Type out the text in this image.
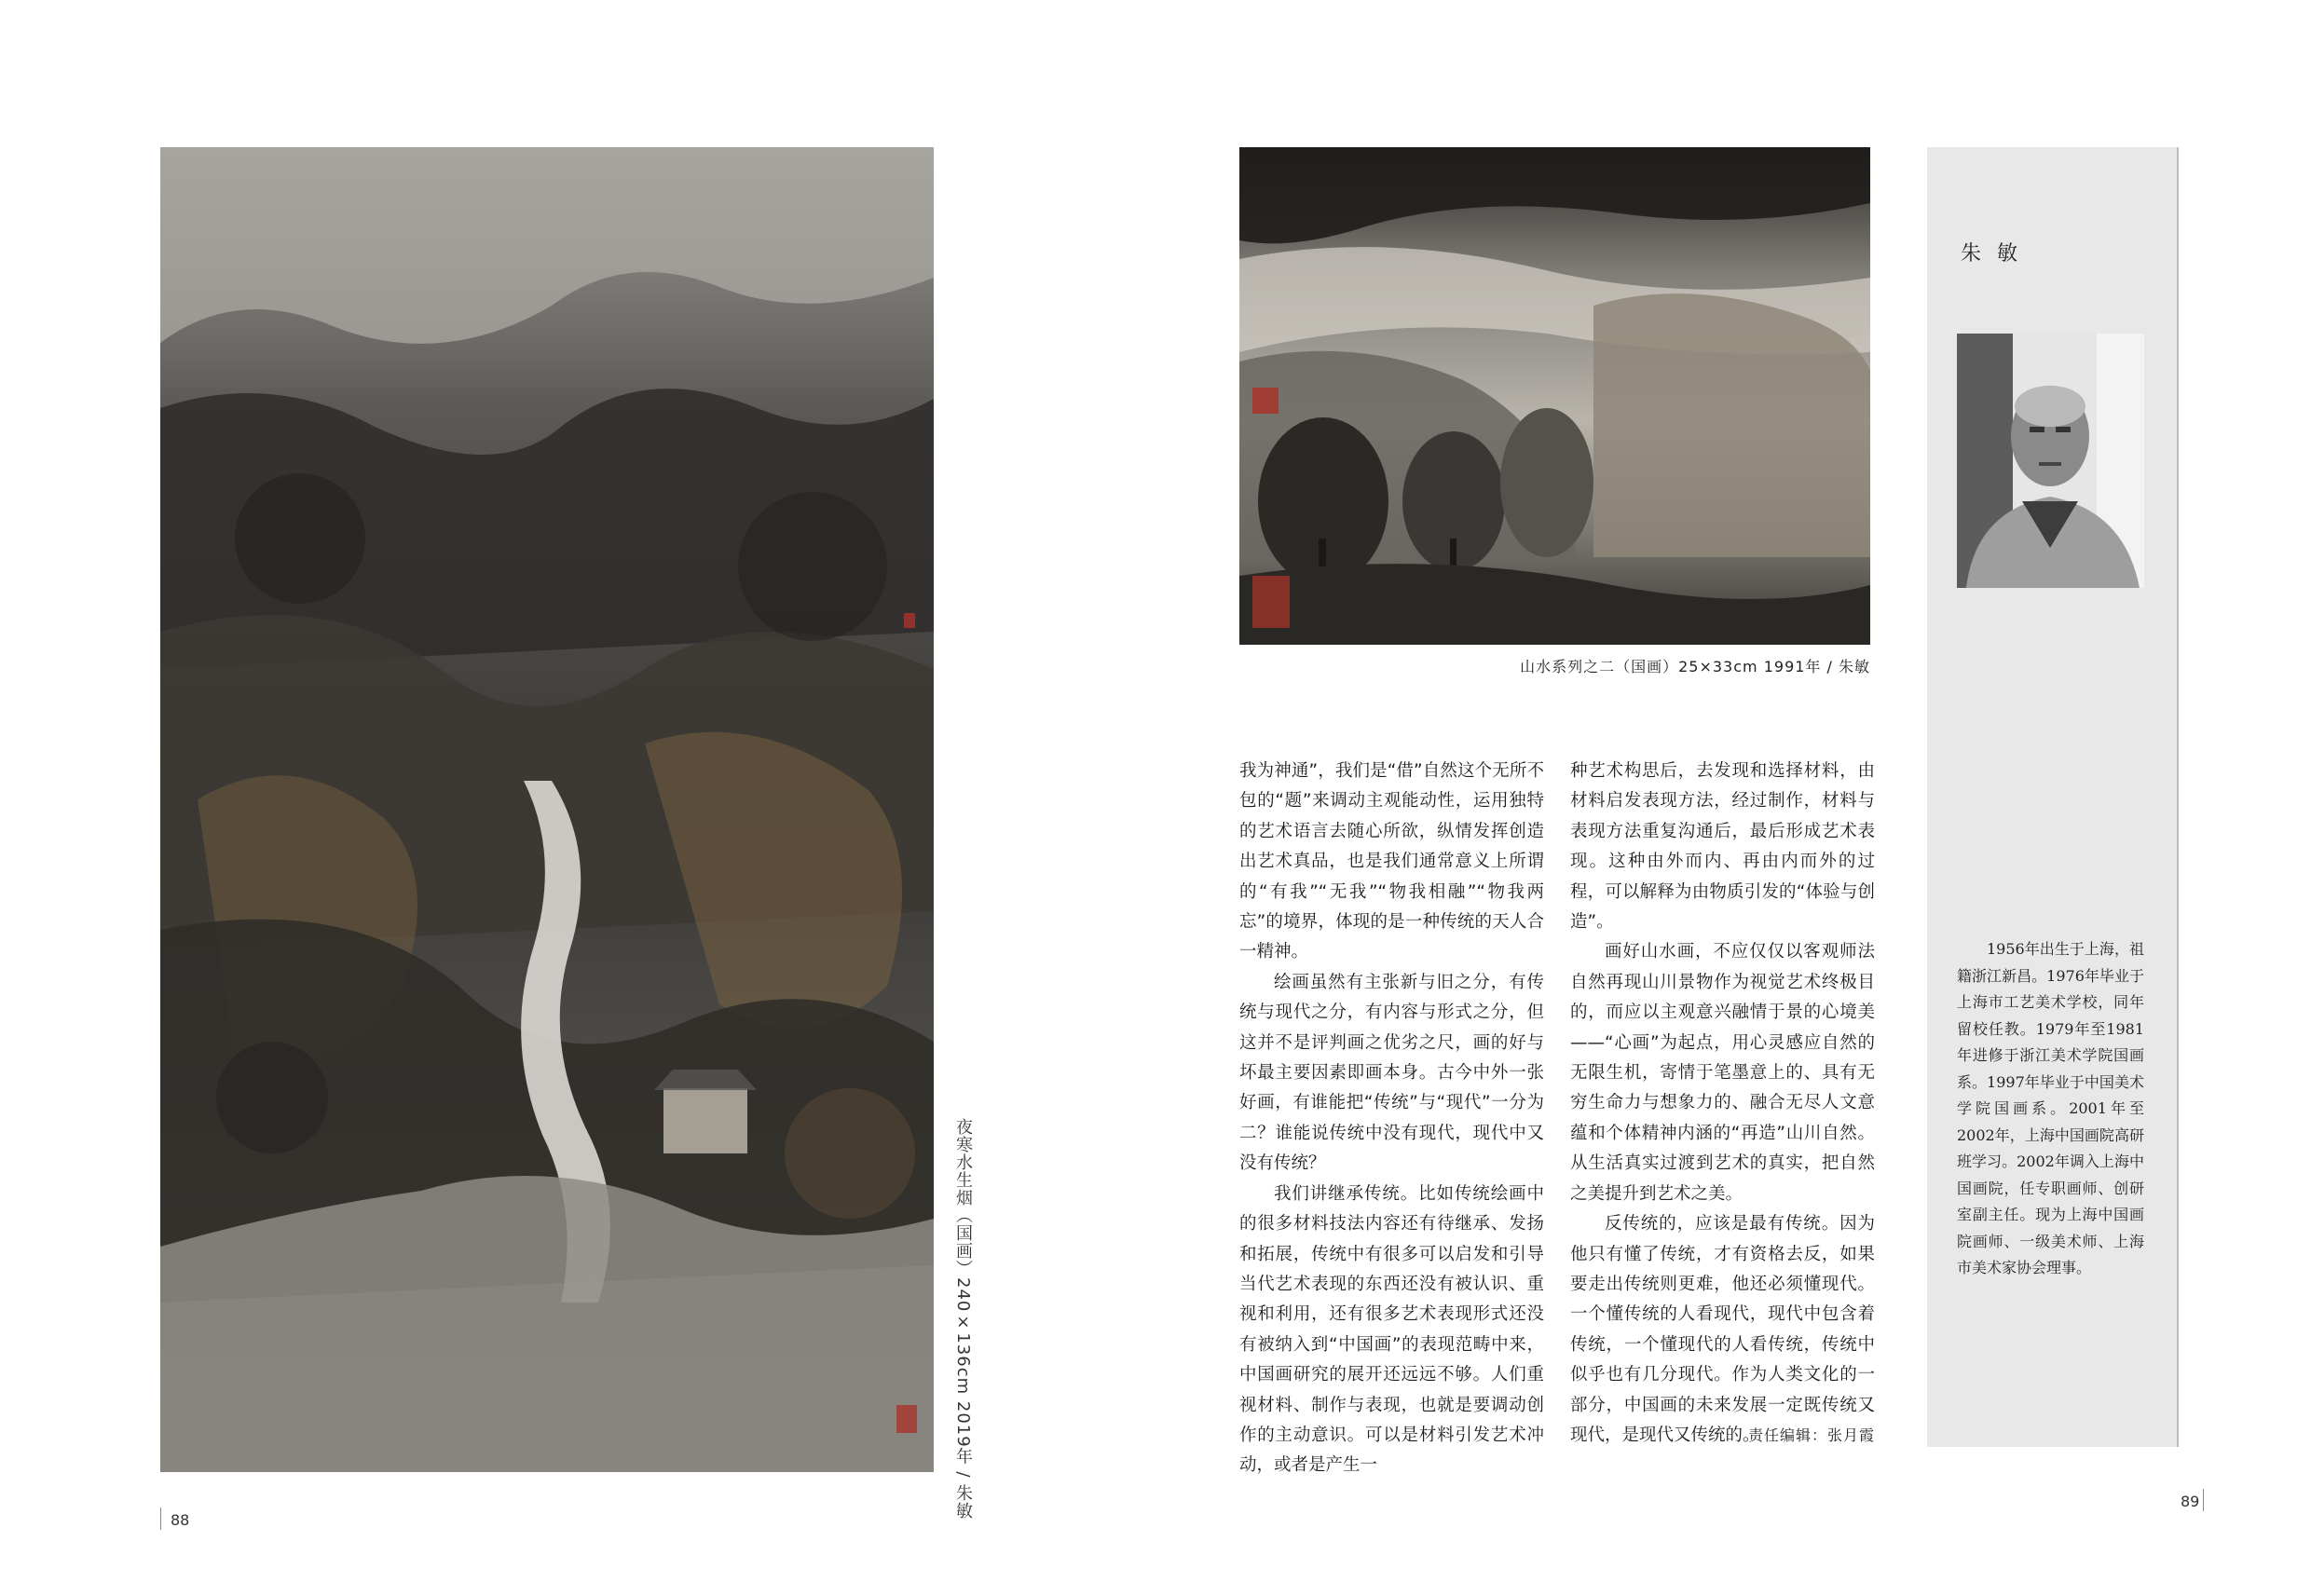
夜寒水生烟（国画）240×136cm 2019年 / 朱敏
88
山水系列之二（国画）25×33cm 1991年 / 朱敏

我为神通”，我们是“借”自然这个无所不包的“题”来调动主观能动性，运用独特的艺术语言去随心所欲，纵情发挥创造出艺术真品，也是我们通常意义上所谓的“有我”“无我”“物我相融”“物我两忘”的境界，体现的是一种传统的天人合一精神。

绘画虽然有主张新与旧之分，有传统与现代之分，有内容与形式之分，但这并不是评判画之优劣之尺，画的好与坏最主要因素即画本身。古今中外一张好画，有谁能把“传统”与“现代”一分为二？谁能说传统中没有现代，现代中又没有传统？

我们讲继承传统。比如传统绘画中的很多材料技法内容还有待继承、发扬和拓展，传统中有很多可以启发和引导当代艺术表现的东西还没有被认识、重视和利用，还有很多艺术表现形式还没有被纳入到“中国画”的表现范畴中来，中国画研究的展开还远远不够。人们重视材料、制作与表现，也就是要调动创作的主动意识。可以是材料引发艺术冲动，或者是产生一

种艺术构思后，去发现和选择材料，由材料启发表现方法，经过制作，材料与表现方法重复沟通后，最后形成艺术表现。这种由外而内、再由内而外的过程，可以解释为由物质引发的“体验与创造”。

画好山水画，不应仅仅以客观师法自然再现山川景物作为视觉艺术终极目的，而应以主观意兴融情于景的心境美——“心画”为起点，用心灵感应自然的无限生机，寄情于笔墨意上的、具有无穷生命力与想象力的、融合无尽人文意蕴和个体精神内涵的“再造”山川自然。从生活真实过渡到艺术的真实，把自然之美提升到艺术之美。

反传统的，应该是最有传统。因为他只有懂了传统，才有资格去反，如果要走出传统则更难，他还必须懂现代。一个懂传统的人看现代，现代中包含着传统，一个懂现代的人看传统，传统中似乎也有几分现代。作为人类文化的一部分，中国画的未来发展一定既传统又现代，是现代又传统的。

责任编辑：张月霞
朱 敏

1956年出生于上海，祖籍浙江新昌。1976年毕业于上海市工艺美术学校，同年留校任教。1979年至1981年进修于浙江美术学院国画系。1997年毕业于中国美术学院国画系。2001年至2002年，上海中国画院高研班学习。2002年调入上海中国画院，任专职画师、创研室副主任。现为上海中国画院画师、一级美术师、上海市美术家协会理事。

89
